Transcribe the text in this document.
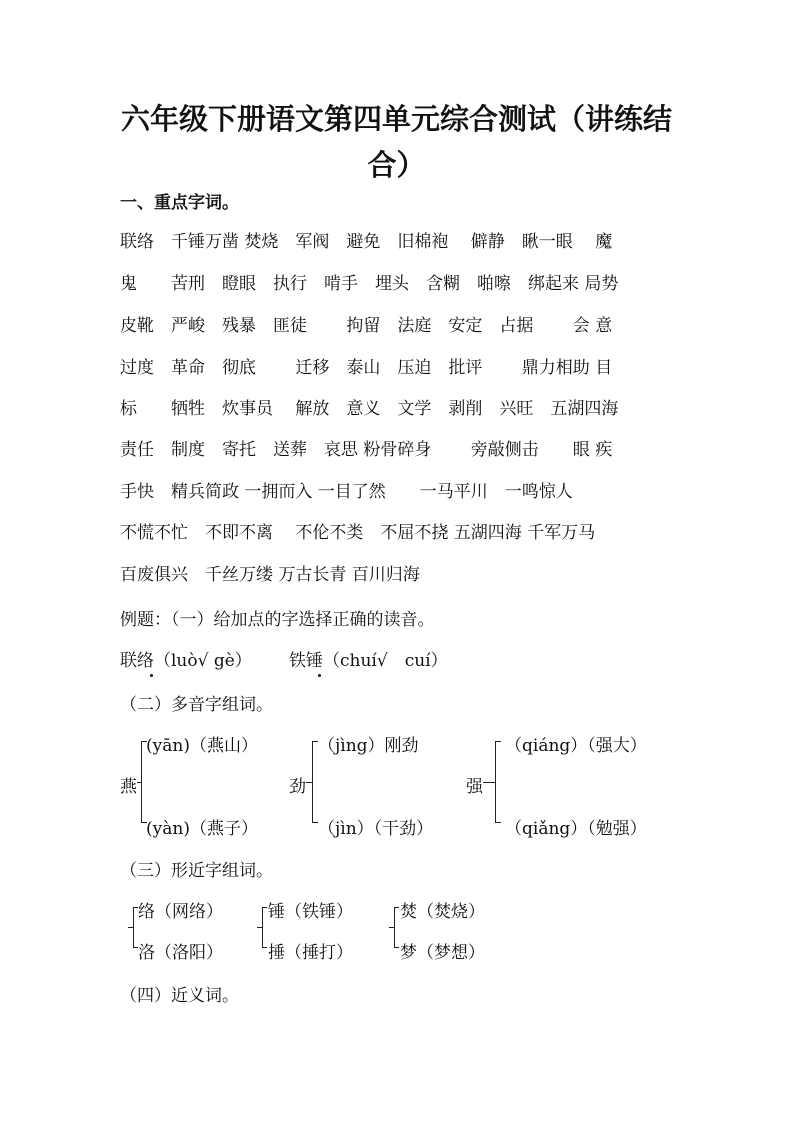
六年级下册语文第四单元综合测试（讲练结合）
一、重点字词。
联络　千锤万凿 焚烧　军阀　避免　旧棉袍　 僻静　瞅一眼　 魔
鬼　　苦刑　瞪眼　执行　啃手　埋头　含糊　啪嚓　绑起来 局势
皮靴　严峻　残暴　匪徒　　 拘留　法庭　安定　占据　　 会 意
过度　革命　彻底　　 迁移　泰山　压迫　批评　　 鼎力相助 目
标　　牺牲　炊事员　 解放　意义　文学　剥削　兴旺　五湖四海
责任　制度　寄托　送葬　哀思 粉骨碎身　　 旁敲侧击　　眼 疾
手快　精兵简政 一拥而入 一目了然　　一马平川　一鸣惊人
不慌不忙　不即不离　 不伦不类　不屈不挠 五湖四海 千军万马
百废俱兴　千丝万缕 万古长青 百川归海
例题：（一）给加点的字选择正确的读音。
联络（luò√ gè） 铁锤（chuí√　cuí）
（二）多音字组词。
燕
(yān)（燕山）
(yàn)（燕子）
劲
（jìng）刚劲
（jìn）（干劲）
强
（qiáng）（强大）
（qiǎng）（勉强）
（三）形近字组词。
络（网络）
洛（洛阳）
锤（铁锤）
捶（捶打）
焚（焚烧）
梦（梦想）
（四）近义词。
